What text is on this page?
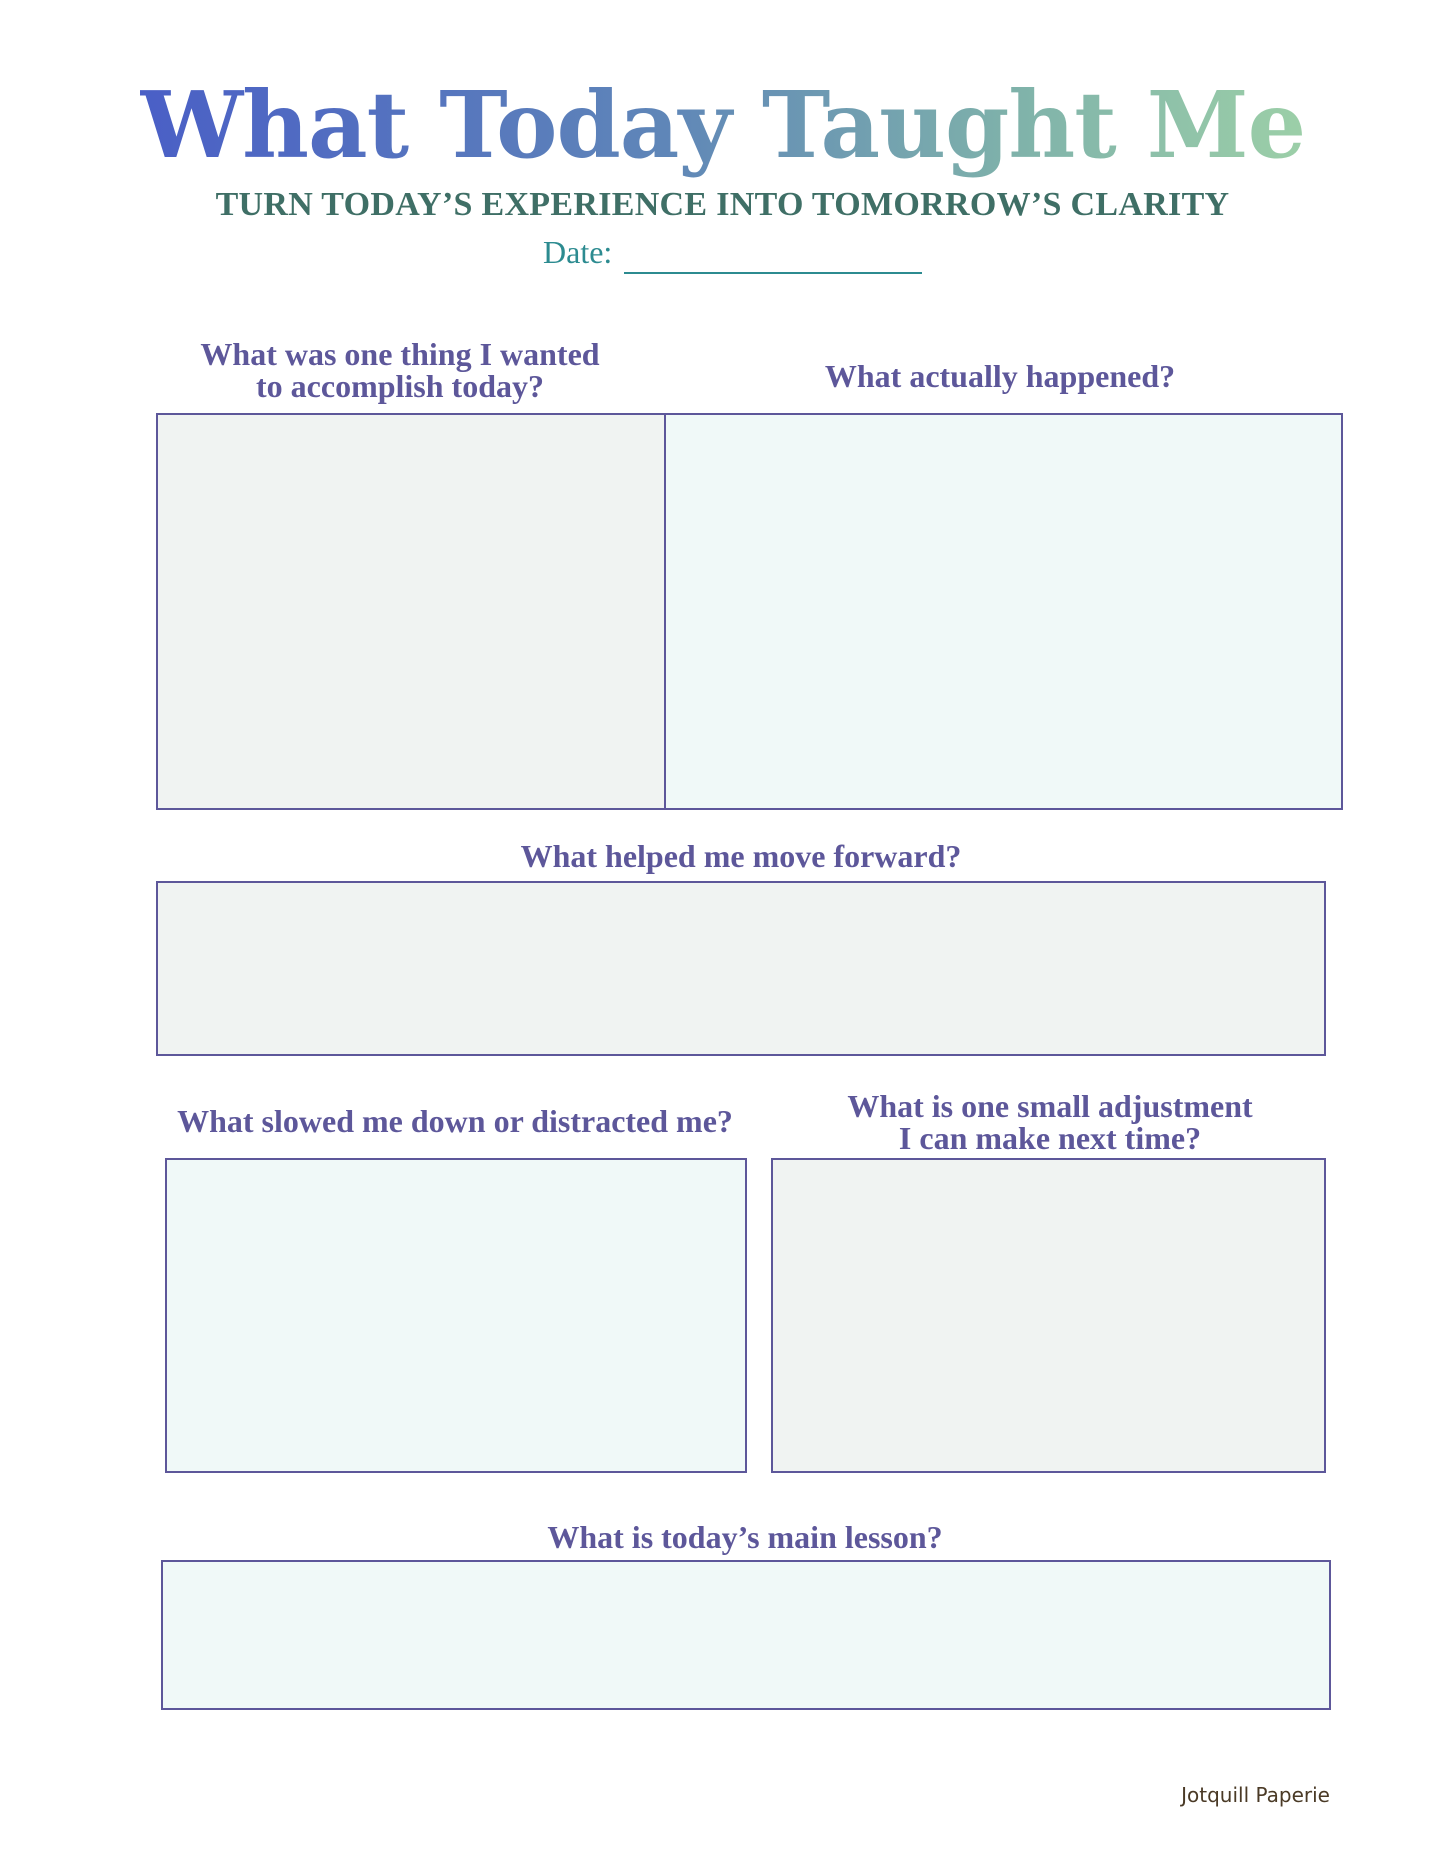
What Today Taught Me
TURN TODAY’S EXPERIENCE INTO TOMORROW’S CLARITY
Date:
What was one thing I wanted
to accomplish today?	What actually happened?
What helped me move forward?
What slowed me down or distracted me?	What is one small adjustment
I can make next time?
What is today’s main lesson?
Jotquill Paperie
